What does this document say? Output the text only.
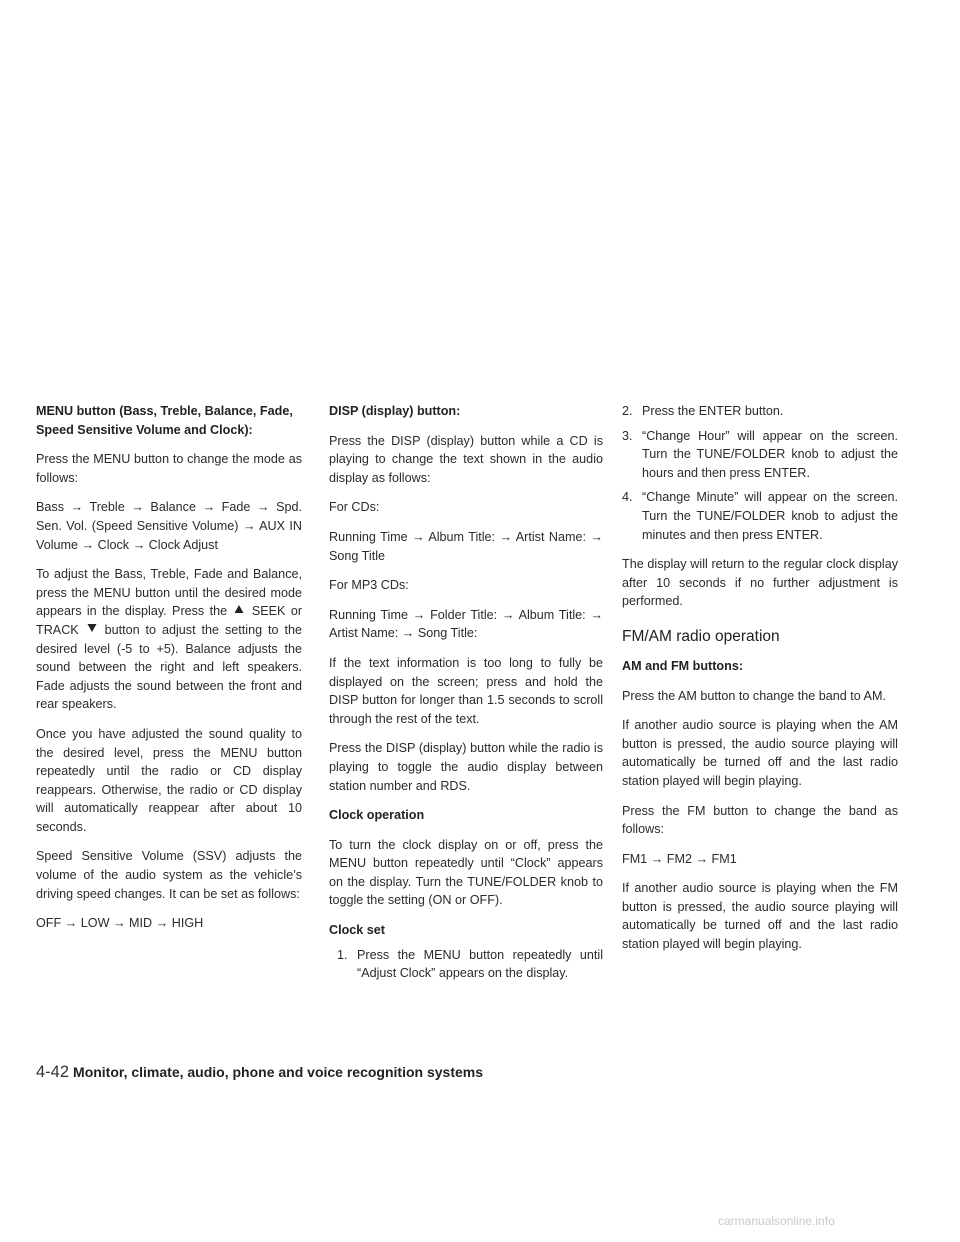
MENU button (Bass, Treble, Balance, Fade, Speed Sensitive Volume and Clock):

Press the MENU button to change the mode as follows:

Bass → Treble → Balance → Fade → Spd. Sen. Vol. (Speed Sensitive Volume) → AUX IN Volume → Clock → Clock Adjust

To adjust the Bass, Treble, Fade and Balance, press the MENU button until the desired mode appears in the display. Press the SEEK or TRACK button to adjust the setting to the desired level (-5 to +5). Balance adjusts the sound between the right and left speakers. Fade adjusts the sound between the front and rear speakers.

Once you have adjusted the sound quality to the desired level, press the MENU button repeatedly until the radio or CD display reappears. Otherwise, the radio or CD display will automatically reappear after about 10 seconds.

Speed Sensitive Volume (SSV) adjusts the volume of the audio system as the vehicle’s driving speed changes. It can be set as follows:

OFF → LOW → MID → HIGH

DISP (display) button:

Press the DISP (display) button while a CD is playing to change the text shown in the audio display as follows:

For CDs:

Running Time → Album Title: → Artist Name: → Song Title

For MP3 CDs:

Running Time → Folder Title: → Album Title: → Artist Name: → Song Title:

If the text information is too long to fully be displayed on the screen; press and hold the DISP button for longer than 1.5 seconds to scroll through the rest of the text.

Press the DISP (display) button while the radio is playing to toggle the audio display between station number and RDS.

Clock operation

To turn the clock display on or off, press the MENU button repeatedly until “Clock” appears on the display. Turn the TUNE/FOLDER knob to toggle the setting (ON or OFF).

Clock set
1. Press the MENU button repeatedly until “Adjust Clock” appears on the display.
2. Press the ENTER button.
3. “Change Hour” will appear on the screen. Turn the TUNE/FOLDER knob to adjust the hours and then press ENTER.
4. “Change Minute” will appear on the screen. Turn the TUNE/FOLDER knob to adjust the minutes and then press ENTER.

The display will return to the regular clock display after 10 seconds if no further adjustment is performed.

FM/AM radio operation
AM and FM buttons:

Press the AM button to change the band to AM.

If another audio source is playing when the AM button is pressed, the audio source playing will automatically be turned off and the last radio station played will begin playing.

Press the FM button to change the band as follows:

FM1 → FM2 → FM1

If another audio source is playing when the FM button is pressed, the audio source playing will automatically be turned off and the last radio station played will begin playing.

4-42 Monitor, climate, audio, phone and voice recognition systems
carmanualsonline.info
